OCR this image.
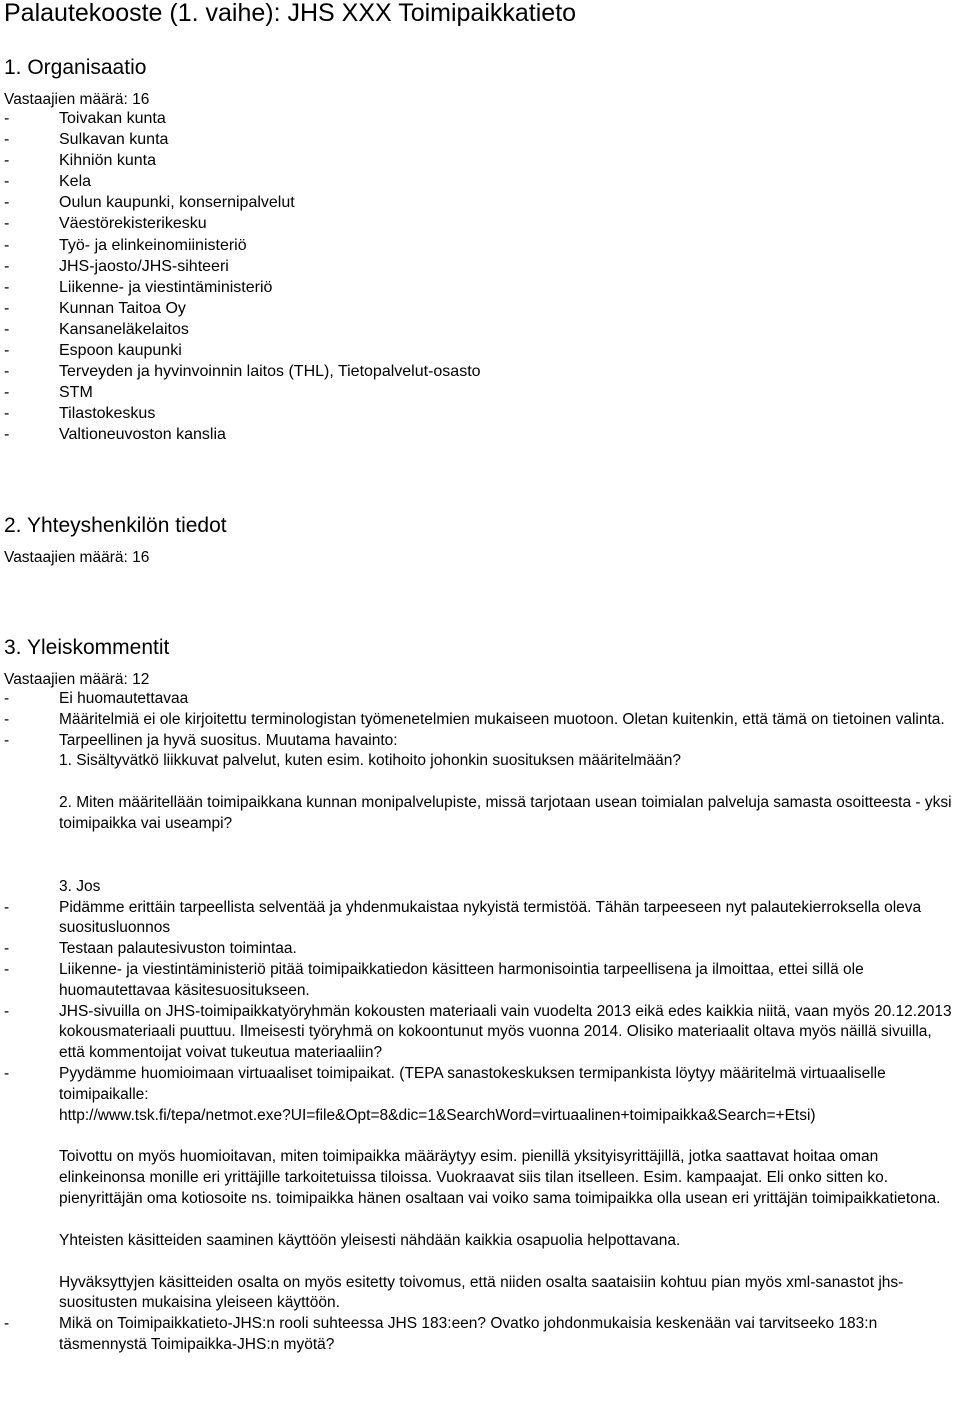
Palautekooste (1. vaihe): JHS XXX Toimipaikkatieto
1. Organisaatio
Vastaajien määrä: 16
-	Toivakan kunta
-	Sulkavan kunta
-	Kihniön kunta
-	Kela
-	Oulun kaupunki, konsernipalvelut
-	Väestörekisterikesku
-	Työ- ja elinkeinomiinisteriö
-	JHS-jaosto/JHS-sihteeri
-	Liikenne- ja viestintäministeriö
-	Kunnan Taitoa Oy
-	Kansaneläkelaitos
-	Espoon kaupunki
-	Terveyden ja hyvinvoinnin laitos (THL), Tietopalvelut-osasto
-	STM
-	Tilastokeskus
-	Valtioneuvoston kanslia
2. Yhteyshenkilön tiedot
Vastaajien määrä: 16
3. Yleiskommentit
Vastaajien määrä: 12
-	Ei huomautettavaa
-	Määritelmiä ei ole kirjoitettu terminologistan työmenetelmien mukaiseen muotoon. Oletan kuitenkin, että tämä on tietoinen valinta.
-	Tarpeellinen ja hyvä suositus. Muutama havainto:
1. Sisältyvätkö liikkuvat palvelut, kuten esim. kotihoito johonkin suosituksen määritelmään?
2. Miten määritellään toimipaikkana kunnan monipalvelupiste, missä tarjotaan usean toimialan palveluja samasta osoitteesta - yksi toimipaikka vai useampi?
3. Jos
-	Pidämme erittäin tarpeellista selventää ja yhdenmukaistaa nykyistä termistöä. Tähän tarpeeseen nyt palautekierroksella oleva suositusluonnos
-	Testaan palautesivuston toimintaa.
-	Liikenne- ja viestintäministeriö pitää toimipaikkatiedon käsitteen harmonisointia tarpeellisena ja ilmoittaa, ettei sillä ole huomautettavaa käsitesuositukseen.
-	JHS-sivuilla on JHS-toimipaikkatyöryhmän kokousten materiaali vain vuodelta 2013 eikä edes kaikkia niitä, vaan myös 20.12.2013 kokousmateriaali puuttuu. Ilmeisesti työryhmä on kokoontunut myös vuonna 2014. Olisiko materiaalit oltava myös näillä sivuilla, että kommentoijat voivat tukeutua materiaaliin?
-	Pyydämme huomioimaan virtuaaliset toimipaikat. (TEPA sanastokeskuksen termipankista löytyy määritelmä virtuaaliselle toimipaikalle:
http://www.tsk.fi/tepa/netmot.exe?UI=file&Opt=8&dic=1&SearchWord=virtuaalinen+toimipaikka&Search=+Etsi)
Toivottu on myös huomioitavan, miten toimipaikka määräytyy esim. pienillä yksityisyrittäjillä, jotka saattavat hoitaa oman elinkeinonsa monille eri yrittäjille tarkoitetuissa tiloissa. Vuokraavat siis tilan itselleen. Esim. kampaajat. Eli onko sitten ko. pienyrittäjän oma kotiosoite ns. toimipaikka hänen osaltaan vai voiko sama toimipaikka olla usean eri yrittäjän toimipaikkatietona.
Yhteisten käsitteiden saaminen käyttöön yleisesti nähdään kaikkia osapuolia helpottavana.
Hyväksyttyjen käsitteiden osalta on myös esitetty toivomus, että niiden osalta saataisiin kohtuu pian myös xml-sanastot jhs-suositusten mukaisina yleiseen käyttöön.
-	Mikä on Toimipaikkatieto-JHS:n rooli suhteessa JHS 183:een? Ovatko johdonmukaisia keskenään vai tarvitseeko 183:n täsmennystä Toimipaikka-JHS:n myötä?
